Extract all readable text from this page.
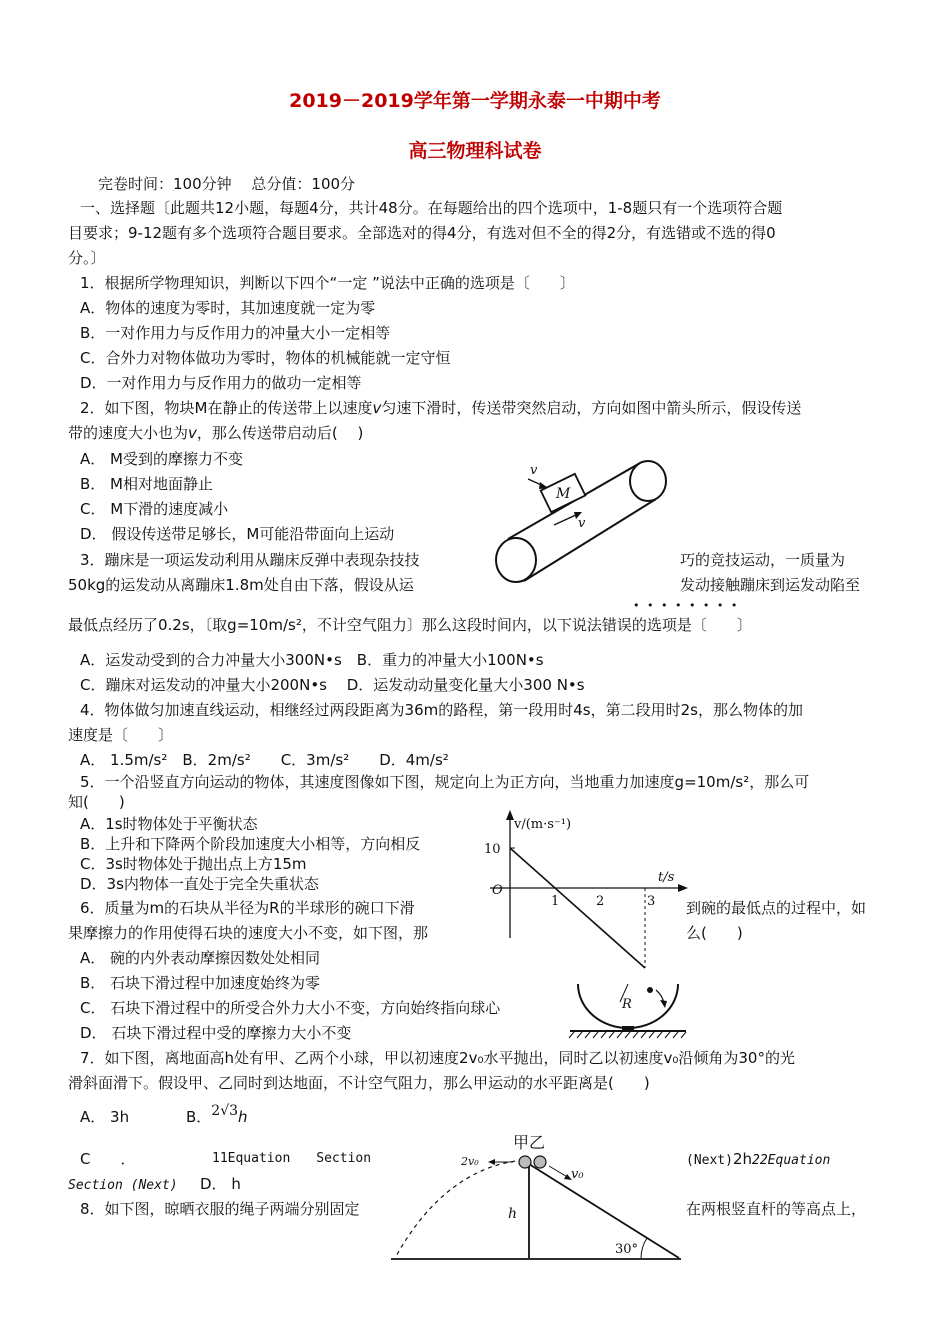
2019－2019学年第一学期永泰一中期中考
高三物理科试卷
完卷时间：100分钟　 总分值：100分
一、选择题〔此题共12小题，每题4分，共计48分。在每题给出的四个选项中，1-8题只有一个选项符合题
目要求；9-12题有多个选项符合题目要求。全部选对的得4分，有选对但不全的得2分，有选错或不选的得0
分。〕
1．根据所学物理知识，判断以下四个“一定 ”说法中正确的选项是〔　　〕
A．物体的速度为零时，其加速度就一定为零
B．一对作用力与反作用力的冲量大小一定相等
C．合外力对物体做功为零时，物体的机械能就一定守恒
D．一对作用力与反作用力的做功一定相等
2．如下图，物块M在静止的传送带上以速度v匀速下滑时，传送带突然启动，方向如图中箭头所示，假设传送
带的速度大小也为v，那么传送带启动后(　 )
A． M受到的摩擦力不变
B． M相对地面静止
C． M下滑的速度减小
D． 假设传送带足够长，M可能沿带面向上运动
M
v
v
3．蹦床是一项运发动利用从蹦床反弹中表现杂技技	巧的竞技运动，一质量为
50kg的运发动从离蹦床1.8m处自由下落，假设从运	发动接触蹦床到运发动陷至
• • • • • • • •
最低点经历了0.2s，〔取g=10m/s²，不计空气阻力〕那么这段时间内，以下说法错误的选项是〔　　〕
A．运发动受到的合力冲量大小300N•s　B．重力的冲量大小100N•s
C．蹦床对运发动的冲量大小200N•s　 D．运发动动量变化量大小300 N•s
4．物体做匀加速直线运动，相继经过两段距离为36m的路程，第一段用时4s，第二段用时2s，那么物体的加
速度是〔　　〕
A． 1.5m/s²　B．2m/s²　　C．3m/s²　　D．4m/s²
5．一个沿竖直方向运动的物体，其速度图像如下图，规定向上为正方向，当地重力加速度g=10m/s²，那么可
知(　　)
A．1s时物体处于平衡状态
B．上升和下降两个阶段加速度大小相等，方向相反
C．3s时物体处于抛出点上方15m
D．3s内物体一直处于完全失重状态
v/(m·s⁻¹)
t/s
O
10
1	2	3
6．质量为m的石块从半径为R的半球形的碗口下滑	到碗的最低点的过程中，如
果摩擦力的作用使得石块的速度大小不变，如下图，那	么(　　)
A． 碗的内外表动摩擦因数处处相同
B． 石块下滑过程中加速度始终为零
C． 石块下滑过程中的所受合外力大小不变，方向始终指向球心
D． 石块下滑过程中受的摩擦力大小不变
R
7．如下图，离地面高h处有甲、乙两个小球，甲以初速度2v₀水平抛出，同时乙以初速度v₀沿倾角为30°的光
滑斜面滑下。假设甲、乙同时到达地面，不计空气阻力，那么甲运动的水平距离是(　　)
A． 3h	B．2√3h
C　　．	11Equation　　Section	(Next)2h22Equation
Section (Next) D． h
甲乙
2v₀
v₀
h
30°
8．如下图，晾晒衣服的绳子两端分别固定	在两根竖直杆的等高点上，
